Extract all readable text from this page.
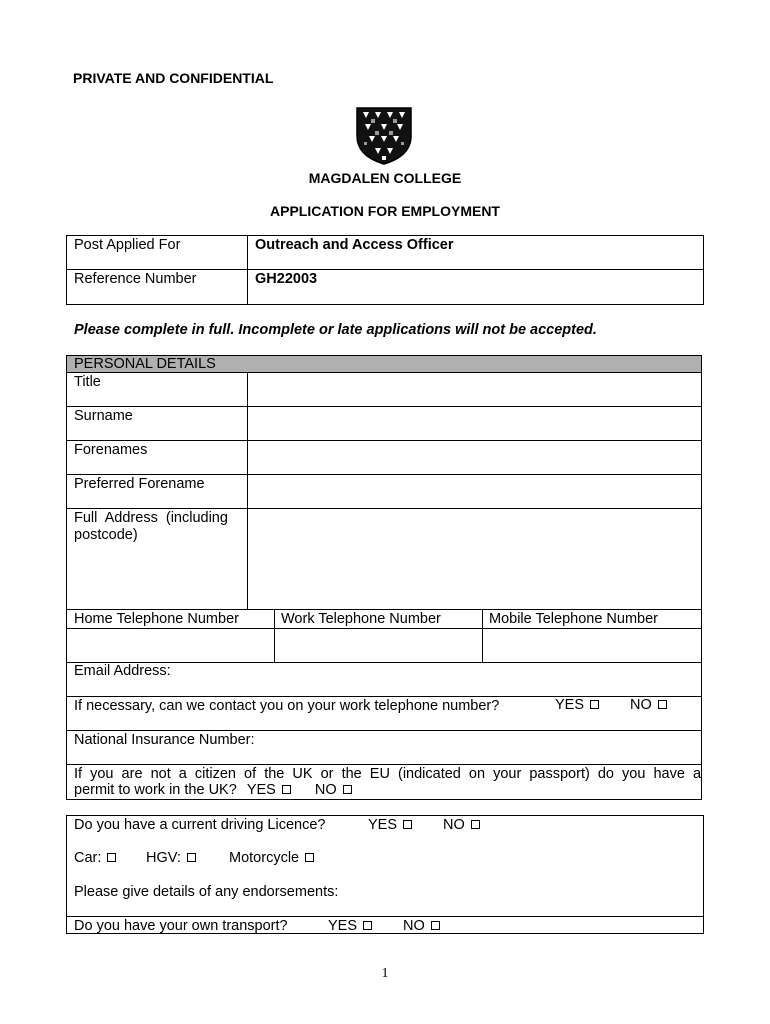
PRIVATE AND CONFIDENTIAL
MAGDALEN COLLEGE
APPLICATION FOR EMPLOYMENT
Post Applied For	Outreach and Access Officer
Reference Number	GH22003
Please complete in full. Incomplete or late applications will not be accepted.
PERSONAL DETAILS
Title
Surname
Forenames
Preferred Forename
Full  Address  (including
postcode)
Home Telephone Number	Work Telephone Number	Mobile Telephone Number
Email Address:
If necessary, can we contact you on your work telephone number?	YES	NO
National Insurance Number:
If  you  are  not  a  citizen  of  the  UK  or  the  EU  (indicated  on  your  passport)  do  you  have  a
permit to work in the UK? YES	NO
Do you have a current driving Licence?	YES	NO
Car:	HGV:	Motorcycle
Please give details of any endorsements:
Do you have your own transport?	YES	NO
1
